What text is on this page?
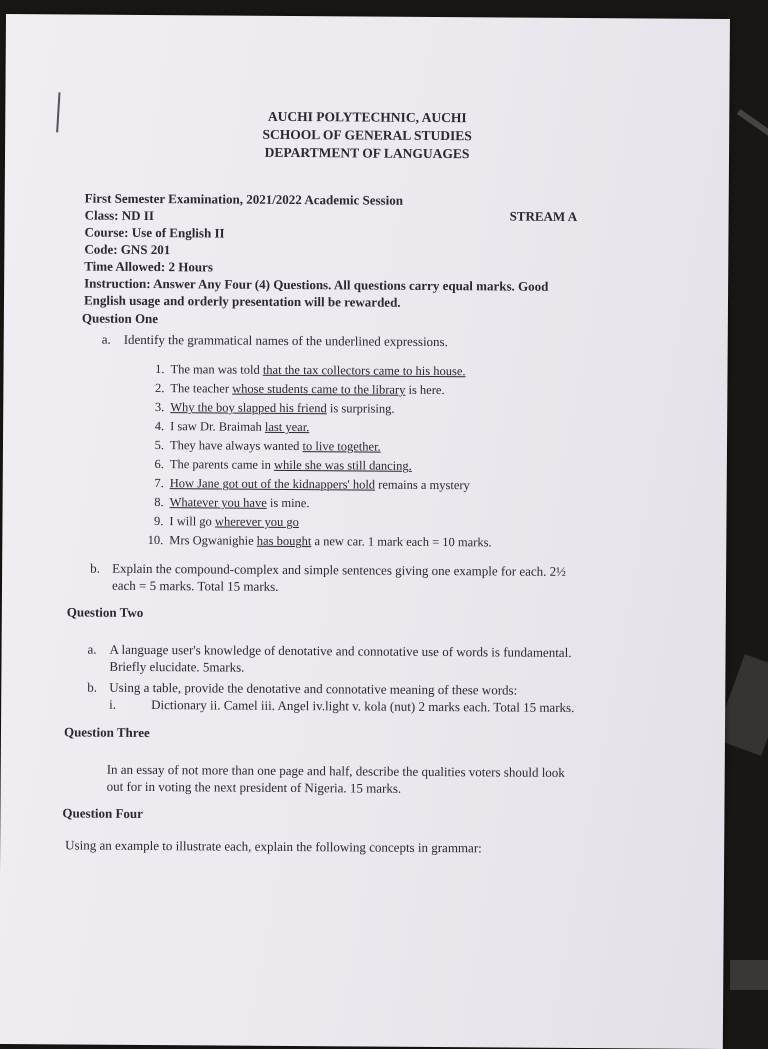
AUCHI POLYTECHNIC, AUCHI
SCHOOL OF GENERAL STUDIES
DEPARTMENT OF LANGUAGES
First Semester Examination, 2021/2022 Academic Session
Class: ND II
Course: Use of English II
Code: GNS 201
Time Allowed: 2 Hours
Instruction: Answer Any Four (4) Questions. All questions carry equal marks. Good
English usage and orderly presentation will be rewarded.
STREAM A
Question One
a. Identify the grammatical names of the underlined expressions.
1. The man was told that the tax collectors came to his house.
2. The teacher whose students came to the library is here.
3. Why the boy slapped his friend is surprising.
4. I saw Dr. Braimah last year.
5. They have always wanted to live together.
6. The parents came in while she was still dancing.
7. How Jane got out of the kidnappers' hold remains a mystery
8. Whatever you have is mine.
9. I will go wherever you go
10. Mrs Ogwanighie has bought a new car. 1 mark each = 10 marks.
b. Explain the compound-complex and simple sentences giving one example for each. 2½
each = 5 marks. Total 15 marks.
Question Two
a. A language user's knowledge of denotative and connotative use of words is fundamental.
Briefly elucidate. 5marks.
b. Using a table, provide the denotative and connotative meaning of these words:
i.	Dictionary ii. Camel iii. Angel iv.light v. kola (nut) 2 marks each. Total 15 marks.
Question Three
In an essay of not more than one page and half, describe the qualities voters should look
out for in voting the next president of Nigeria. 15 marks.
Question Four
Using an example to illustrate each, explain the following concepts in grammar:
